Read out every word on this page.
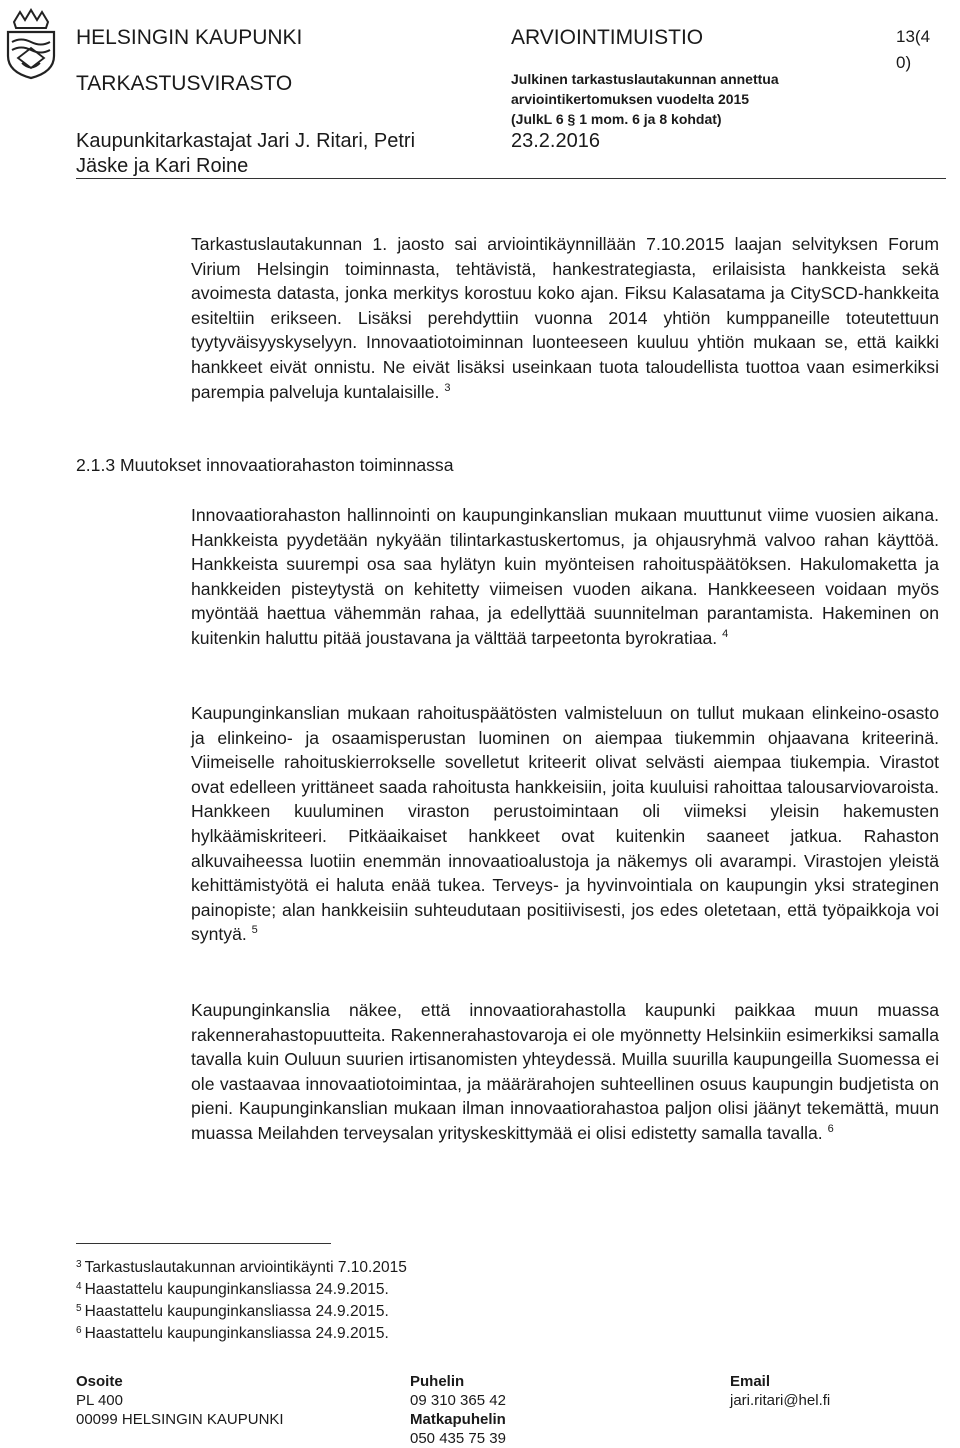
HELSINGIN KAUPUNKI
TARKASTUSVIRASTO
Kaupunkitarkastajat Jari J. Ritari, Petri
Jäske ja Kari Roine
ARVIOINTIMUISTIO
Julkinen tarkastuslautakunnan annettua
arviointikertomuksen vuodelta 2015
(JulkL 6 § 1 mom. 6 ja 8 kohdat)
23.2.2016
13(4
0)

Tarkastuslautakunnan 1. jaosto sai arviointikäynnillään 7.10.2015 laajan selvityksen Forum Virium Helsingin toiminnasta, tehtävistä, hankestrategiasta, erilaisista hankkeista sekä avoimesta datasta, jonka merkitys korostuu koko ajan. Fiksu Kalasatama ja CitySCD-hankkeita esiteltiin erikseen. Lisäksi perehdyttiin vuonna 2014 yhtiön kumppaneille toteutettuun tyytyväisyyskyselyyn. Innovaatiotoiminnan luonteeseen kuuluu yhtiön mukaan se, että kaikki hankkeet eivät onnistu. Ne eivät lisäksi useinkaan tuota taloudellista tuottoa vaan esimerkiksi parempia palveluja kuntalaisille. $^3$

2.1.3 Muutokset innovaatiorahaston toiminnassa

Innovaatiorahaston hallinnointi on kaupunginkanslian mukaan muuttunut viime vuosien aikana. Hankkeista pyydetään nykyään tilintarkastuskertomus, ja ohjausryhmä valvoo rahan käyttöä. Hankkeista suurempi osa saa hylätyn kuin myönteisen rahoituspäätöksen. Hakulomaketta ja hankkeiden pisteytystä on kehitetty viimeisen vuoden aikana. Hankkeeseen voidaan myös myöntää haettua vähemmän rahaa, ja edellyttää suunnitelman parantamista. Hakeminen on kuitenkin haluttu pitää joustavana ja välttää tarpeetonta byrokratiaa. $^4$

Kaupunginkanslian mukaan rahoituspäätösten valmisteluun on tullut mukaan elinkeino-osasto ja elinkeino- ja osaamisperustan luominen on aiempaa tiukemmin ohjaavana kriteerinä. Viimeiselle rahoituskierrokselle sovelletut kriteerit olivat selvästi aiempaa tiukempia. Virastot ovat edelleen yrittäneet saada rahoitusta hankkeisiin, joita kuuluisi rahoittaa talousarviovaroista. Hankkeen kuuluminen viraston perustoimintaan oli viimeksi yleisin hakemusten hylkäämiskriteeri. Pitkäaikaiset hankkeet ovat kuitenkin saaneet jatkua. Rahaston alkuvaiheessa luotiin enemmän innovaatioalustoja ja näkemys oli avarampi. Virastojen yleistä kehittämistyötä ei haluta enää tukea. Terveys- ja hyvinvointiala on kaupungin yksi strateginen painopiste; alan hankkeisiin suhteudutaan positiivisesti, jos edes oletetaan, että työpaikkoja voi syntyä. $^5$

Kaupunginkanslia näkee, että innovaatiorahastolla kaupunki paikkaa muun muassa rakennerahastopuutteita. Rakennerahastovaroja ei ole myönnetty Helsinkiin esimerkiksi samalla tavalla kuin Ouluun suurien irtisanomisten yhteydessä. Muilla suurilla kaupungeilla Suomessa ei ole vastaavaa innovaatiotoimintaa, ja määrärahojen suhteellinen osuus kaupungin budjetista on pieni. Kaupunginkanslian mukaan ilman innovaatiorahastoa paljon olisi jäänyt tekemättä, muun muassa Meilahden terveysalan yrityskeskittymää ei olisi edistetty samalla tavalla. $^6$

$^3$ Tarkastuslautakunnan arviointikäynti 7.10.2015
$^4$ Haastattelu kaupunginkansliassa 24.9.2015.
$^5$ Haastattelu kaupunginkansliassa 24.9.2015.
$^6$ Haastattelu kaupunginkansliassa 24.9.2015.
Osoite
PL 400
00099 HELSINGIN KAUPUNKI
Puhelin
09 310 365 42
Matkapuhelin
050 435 75 39
Email
jari.ritari@hel.fi
